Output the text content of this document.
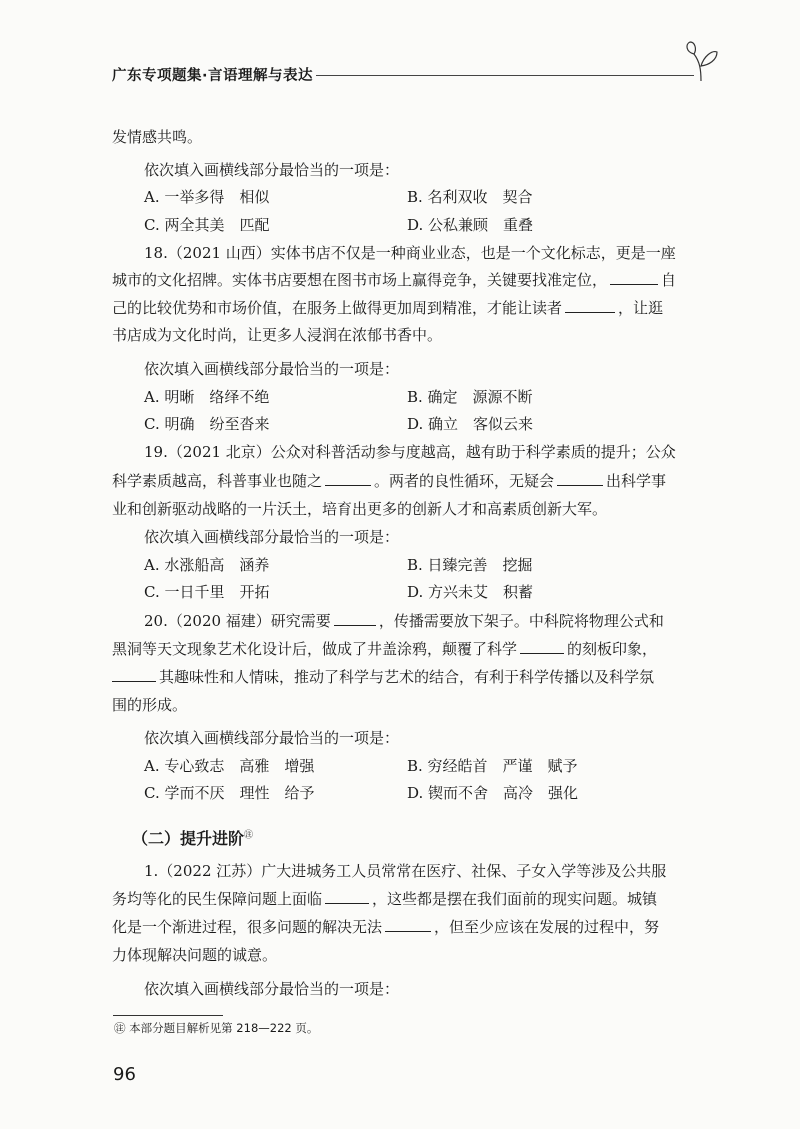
广东专项题集·言语理解与表达
发情感共鸣。
依次填入画横线部分最恰当的一项是：
A. 一举多得　相似	B. 名利双收　契合
C. 两全其美　匹配	D. 公私兼顾　重叠
18.（2021 山西）实体书店不仅是一种商业业态，也是一个文化标志，更是一座
城市的文化招牌。实体书店要想在图书市场上赢得竞争，关键要找准定位，	自
己的比较优势和市场价值，在服务上做得更加周到精准，才能让读者	，让逛
书店成为文化时尚，让更多人浸润在浓郁书香中。
依次填入画横线部分最恰当的一项是：
A. 明晰　络绎不绝	B. 确定　源源不断
C. 明确　纷至沓来	D. 确立　客似云来
19.（2021 北京）公众对科普活动参与度越高，越有助于科学素质的提升；公众
科学素质越高，科普事业也随之	。两者的良性循环，无疑会	出科学事
业和创新驱动战略的一片沃土，培育出更多的创新人才和高素质创新大军。
依次填入画横线部分最恰当的一项是：
A. 水涨船高　涵养	B. 日臻完善　挖掘
C. 一日千里　开拓	D. 方兴未艾　积蓄
20.（2020 福建）研究需要	，传播需要放下架子。中科院将物理公式和
黑洞等天文现象艺术化设计后，做成了井盖涂鸦，颠覆了科学	的刻板印象，
其趣味性和人情味，推动了科学与艺术的结合，有利于科学传播以及科学氛
围的形成。
依次填入画横线部分最恰当的一项是：
A. 专心致志　高雅　增强	B. 穷经皓首　严谨　赋予
C. 学而不厌　理性　给予	D. 锲而不舍　高冷　强化
（二）提升进阶㊟
1.（2022 江苏）广大进城务工人员常常在医疗、社保、子女入学等涉及公共服
务均等化的民生保障问题上面临	，这些都是摆在我们面前的现实问题。城镇
化是一个渐进过程，很多问题的解决无法	，但至少应该在发展的过程中，努
力体现解决问题的诚意。
依次填入画横线部分最恰当的一项是：
㊟ 本部分题目解析见第 218—222 页。
96
